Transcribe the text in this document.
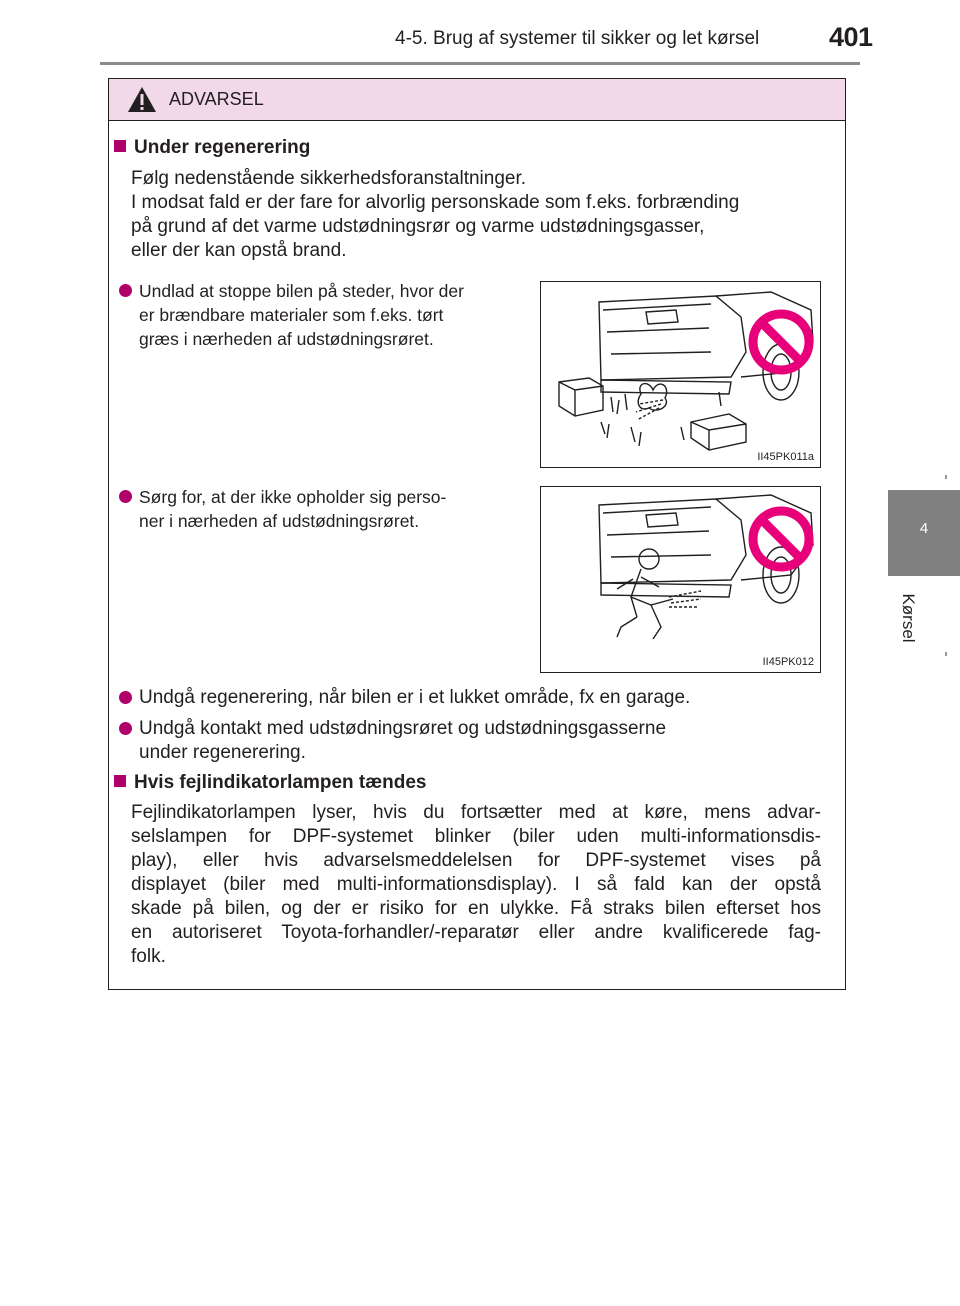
4-5. Brug af systemer til sikker og let kørsel	401
4
Kørsel
ADVARSEL
Under regenerering
Følg nedenstående sikkerhedsforanstaltninger.
I modsat fald er der fare for alvorlig personskade som f.eks. forbrænding
på grund af det varme udstødningsrør og varme udstødningsgasser,
eller der kan opstå brand.
Undlad at stoppe bilen på steder, hvor der
er brændbare materialer som f.eks. tørt
græs i nærheden af udstødningsrøret.
II45PK011a
Sørg for, at der ikke opholder sig perso-
ner i nærheden af udstødningsrøret.
II45PK012
Undgå regenerering, når bilen er i et lukket område, fx en garage.
Undgå kontakt med udstødningsrøret og udstødningsgasserne
under regenerering.
Hvis fejlindikatorlampen tændes
Fejlindikatorlampen lyser, hvis du fortsætter med at køre, mens advar-
selslampen for DPF-systemet blinker (biler uden multi-informationsdis-
play), eller hvis advarselsmeddelelsen for DPF-systemet vises på
displayet (biler med multi-informationsdisplay). I så fald kan der opstå
skade på bilen, og der er risiko for en ulykke. Få straks bilen efterset hos
en autoriseret Toyota-forhandler/-reparatør eller andre kvalificerede fag-
folk.
